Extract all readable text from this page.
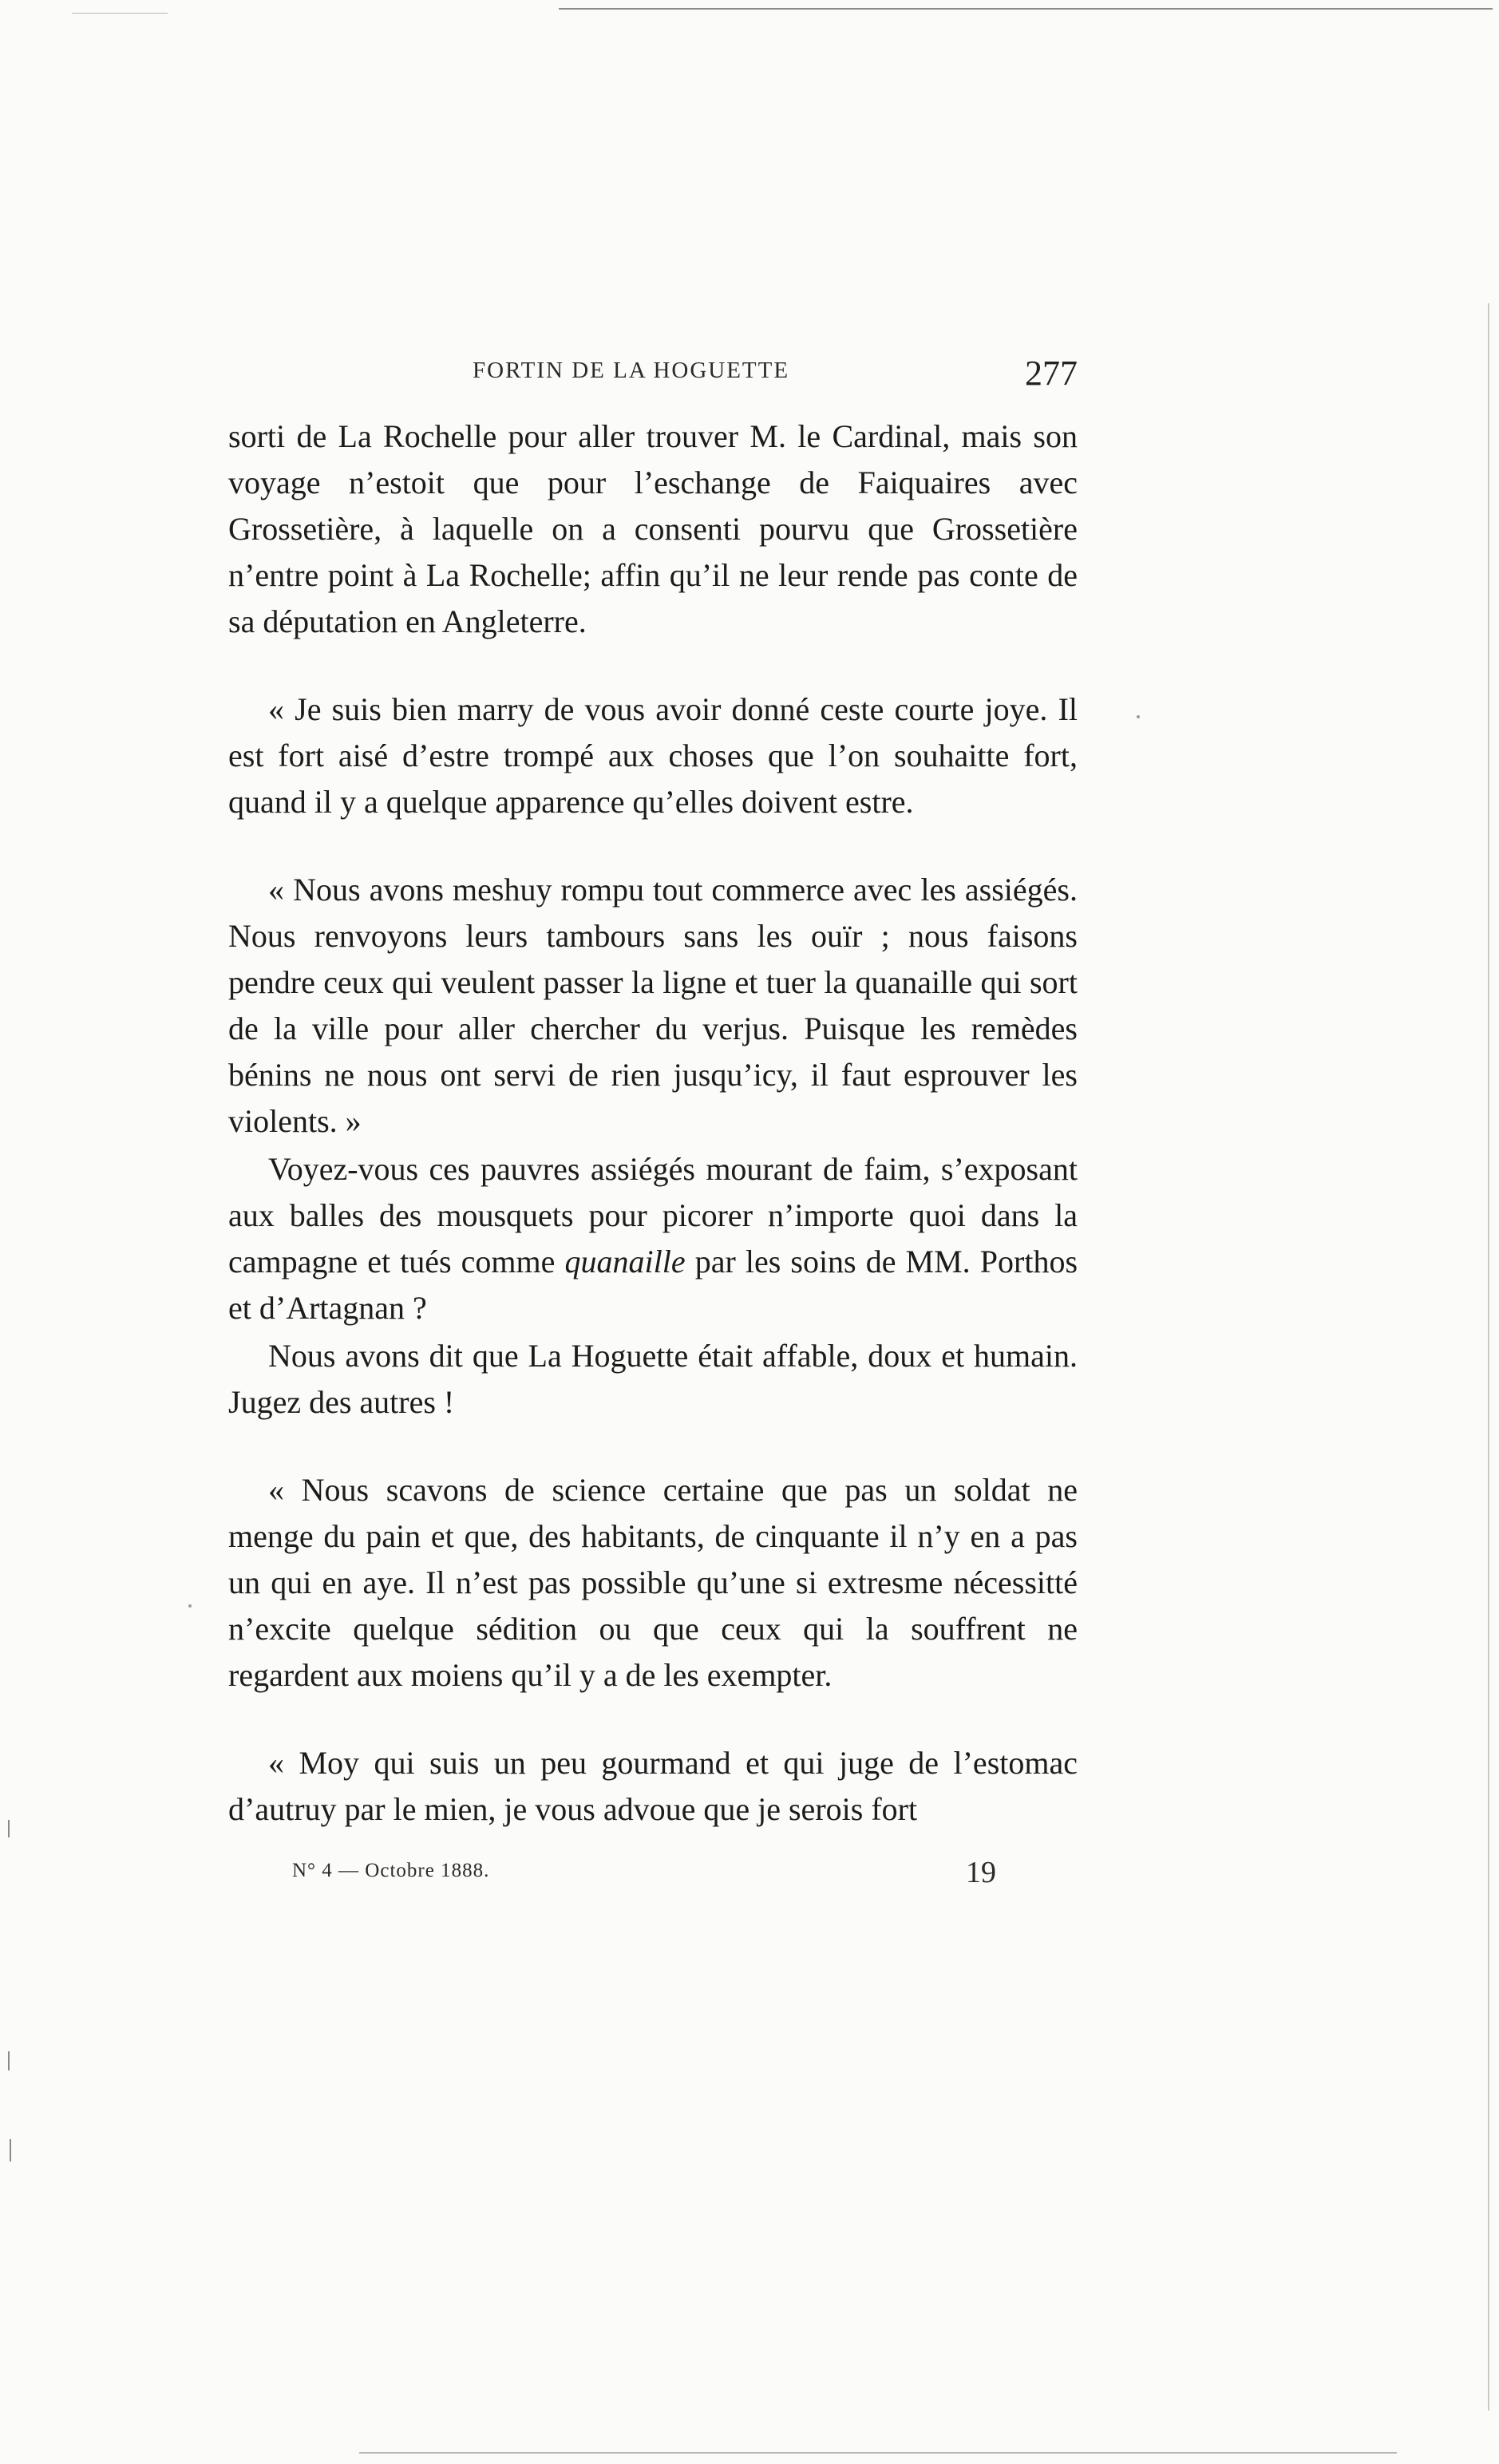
FORTIN DE LA HOGUETTE	277

sorti de La Rochelle pour aller trouver M. le Cardinal, mais son voyage n’estoit que pour l’eschange de Faiquaires avec Grossetière, à laquelle on a consenti pourvu que Grossetière n’entre point à La Rochelle; affin qu’il ne leur rende pas conte de sa députation en Angleterre.

« Je suis bien marry de vous avoir donné ceste courte joye. Il est fort aisé d’estre trompé aux choses que l’on souhaitte fort, quand il y a quelque apparence qu’elles doivent estre.

« Nous avons meshuy rompu tout commerce avec les assiégés. Nous renvoyons leurs tambours sans les ouïr ; nous faisons pendre ceux qui veulent passer la ligne et tuer la quanaille qui sort de la ville pour aller chercher du verjus. Puisque les remèdes bénins ne nous ont servi de rien jusqu’icy, il faut esprouver les violents. »

Voyez-vous ces pauvres assiégés mourant de faim, s’exposant aux balles des mousquets pour picorer n’importe quoi dans la campagne et tués comme quanaille par les soins de MM. Porthos et d’Artagnan ?

Nous avons dit que La Hoguette était affable, doux et humain. Jugez des autres !

« Nous scavons de science certaine que pas un soldat ne menge du pain et que, des habitants, de cinquante il n’y en a pas un qui en aye. Il n’est pas possible qu’une si extresme nécessitté n’excite quelque sédition ou que ceux qui la souffrent ne regardent aux moiens qu’il y a de les exempter.

« Moy qui suis un peu gourmand et qui juge de l’estomac d’autruy par le mien, je vous advoue que je serois fort

N° 4 — Octobre 1888.	19
